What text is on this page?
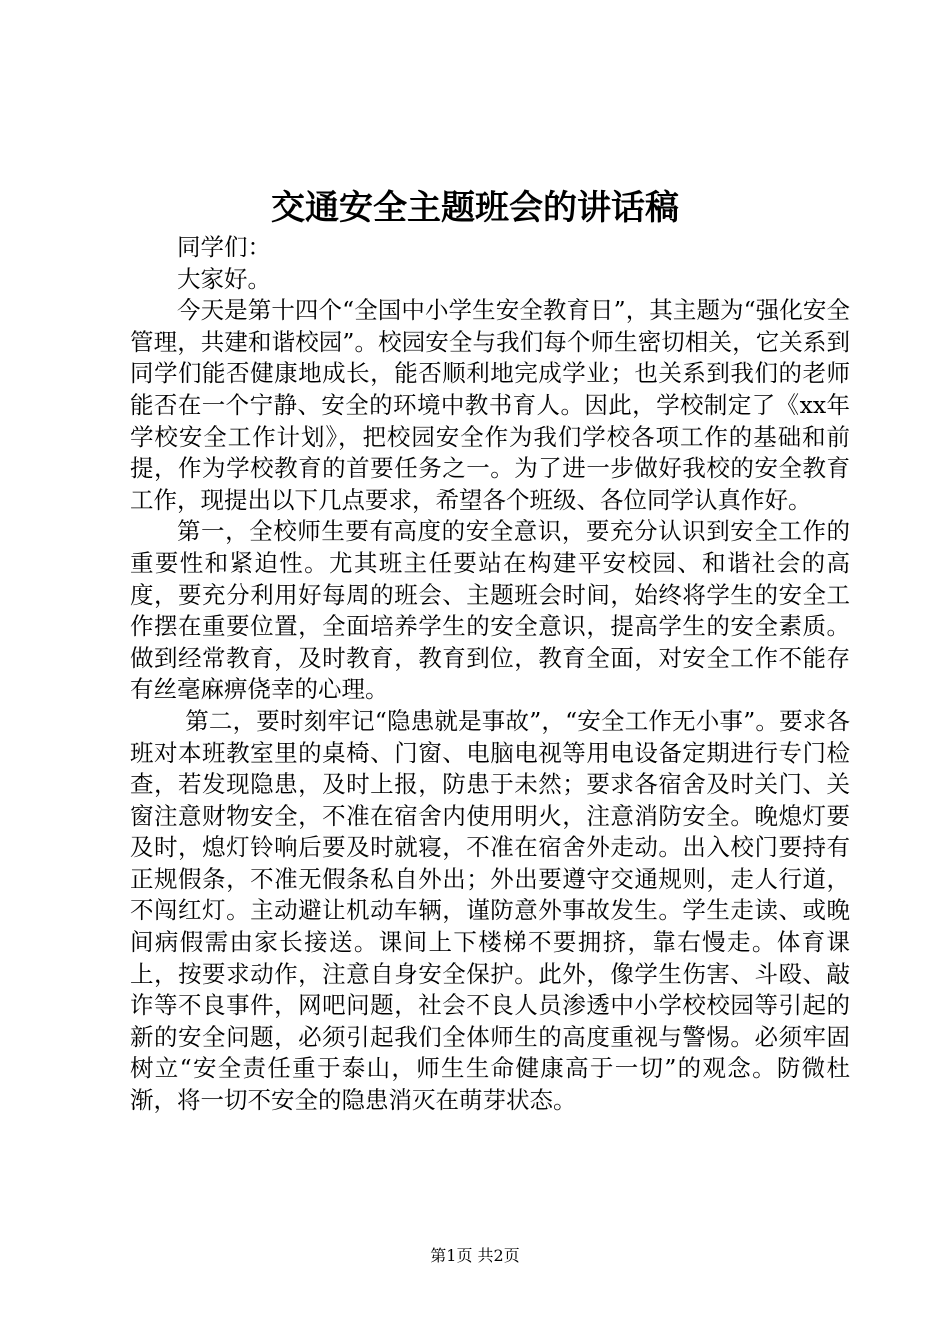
交通安全主题班会的讲话稿

同学们：

大家好。

今天是第十四个“全国中小学生安全教育日”，其主题为“强化安全管理，共建和谐校园”。校园安全与我们每个师生密切相关，它关系到同学们能否健康地成长，能否顺利地完成学业；也关系到我们的老师能否在一个宁静、安全的环境中教书育人。因此，学校制定了《xx年学校安全工作计划》，把校园安全作为我们学校各项工作的基础和前提，作为学校教育的首要任务之一。为了进一步做好我校的安全教育工作，现提出以下几点要求，希望各个班级、各位同学认真作好。

第一，全校师生要有高度的安全意识，要充分认识到安全工作的重要性和紧迫性。尤其班主任要站在构建平安校园、和谐社会的高度，要充分利用好每周的班会、主题班会时间，始终将学生的安全工作摆在重要位置，全面培养学生的安全意识，提高学生的安全素质。做到经常教育，及时教育，教育到位，教育全面，对安全工作不能存有丝毫麻痹侥幸的心理。

第二，要时刻牢记“隐患就是事故”，“安全工作无小事”。要求各班对本班教室里的桌椅、门窗、电脑电视等用电设备定期进行专门检查，若发现隐患，及时上报，防患于未然；要求各宿舍及时关门、关窗注意财物安全，不准在宿舍内使用明火，注意消防安全。晚熄灯要及时，熄灯铃响后要及时就寝，不准在宿舍外走动。出入校门要持有正规假条，不准无假条私自外出；外出要遵守交通规则，走人行道，不闯红灯。主动避让机动车辆，谨防意外事故发生。学生走读、或晚间病假需由家长接送。课间上下楼梯不要拥挤，靠右慢走。体育课上，按要求动作，注意自身安全保护。此外，像学生伤害、斗殴、敲诈等不良事件，网吧问题，社会不良人员渗透中小学校校园等引起的新的安全问题，必须引起我们全体师生的高度重视与警惕。必须牢固树立“安全责任重于泰山，师生生命健康高于一切”的观念。防微杜渐，将一切不安全的隐患消灭在萌芽状态。

第1页 共2页
